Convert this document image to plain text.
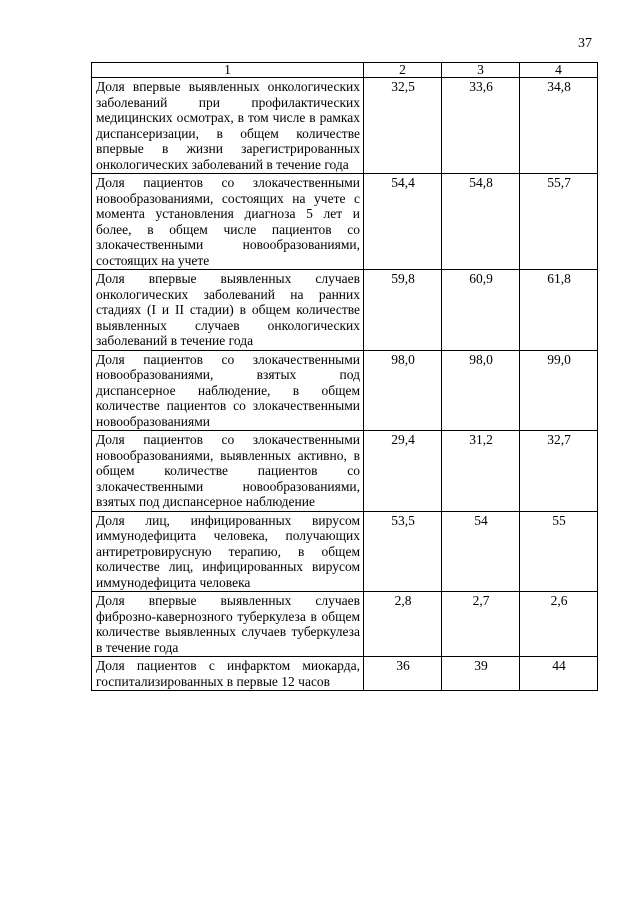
37
1	2	3	4
Доля впервые выявленных онкологических заболеваний при профилактических медицинских осмотрах, в том числе в рамках диспансеризации, в общем количестве впервые в жизни зарегистрированных онкологических заболеваний в течение года	32,5	33,6	34,8
Доля пациентов со злокачественными новообразованиями, состоящих на учете с момента установления диагноза 5 лет и более, в общем числе пациентов со злокачественными новообразованиями, состоящих на учете	54,4	54,8	55,7
Доля впервые выявленных случаев онкологических заболеваний на ранних стадиях (I и II стадии) в общем количестве выявленных случаев онкологических заболеваний в течение года	59,8	60,9	61,8
Доля пациентов со злокачественными новообразованиями, взятых под диспансерное наблюдение, в общем количестве пациентов со злокачественными новообразованиями	98,0	98,0	99,0
Доля пациентов со злокачественными новообразованиями, выявленных активно, в общем количестве пациентов со злокачественными новообразованиями, взятых под диспансерное наблюдение	29,4	31,2	32,7
Доля лиц, инфицированных вирусом иммунодефицита человека, получающих антиретровирусную терапию, в общем количестве лиц, инфицированных вирусом иммунодефицита человека	53,5	54	55
Доля впервые выявленных случаев фиброзно-кавернозного туберкулеза в общем количестве выявленных случаев туберкулеза в течение года	2,8	2,7	2,6
Доля пациентов с инфарктом миокарда, госпитализированных в первые 12 часов	36	39	44
